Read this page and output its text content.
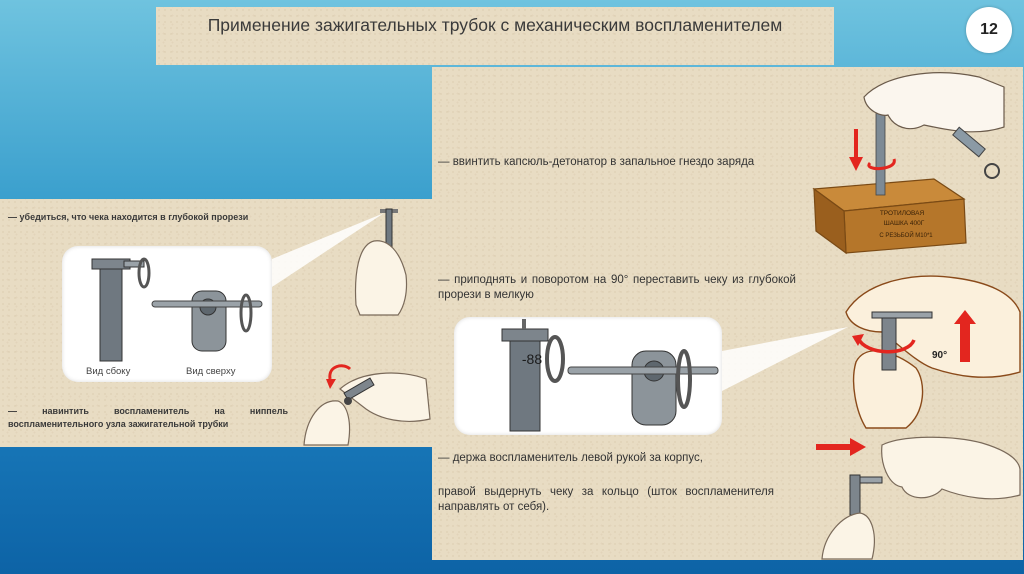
Применение зажигательных трубок с механическим воспламенителем	12
— ввинтить капсюль-детонатор в запальное гнездо заряда
ТРОТИЛОВАЯ
ШАШКА 400Г
С РЕЗЬБОЙ М10*1
— приподнять и поворотом на 90° переставить чеку из глубокой прорези в мелкую
-88	90°
— держа воспламенитель левой рукой за корпус,
правой выдернуть чеку за кольцо (шток воспламенителя направлять от себя).
— убедиться, что чека находится в глубокой прорези
Вид сбоку	Вид сверху
— навинтить воспламенитель на ниппель воспламенительного узла зажигательной трубки
